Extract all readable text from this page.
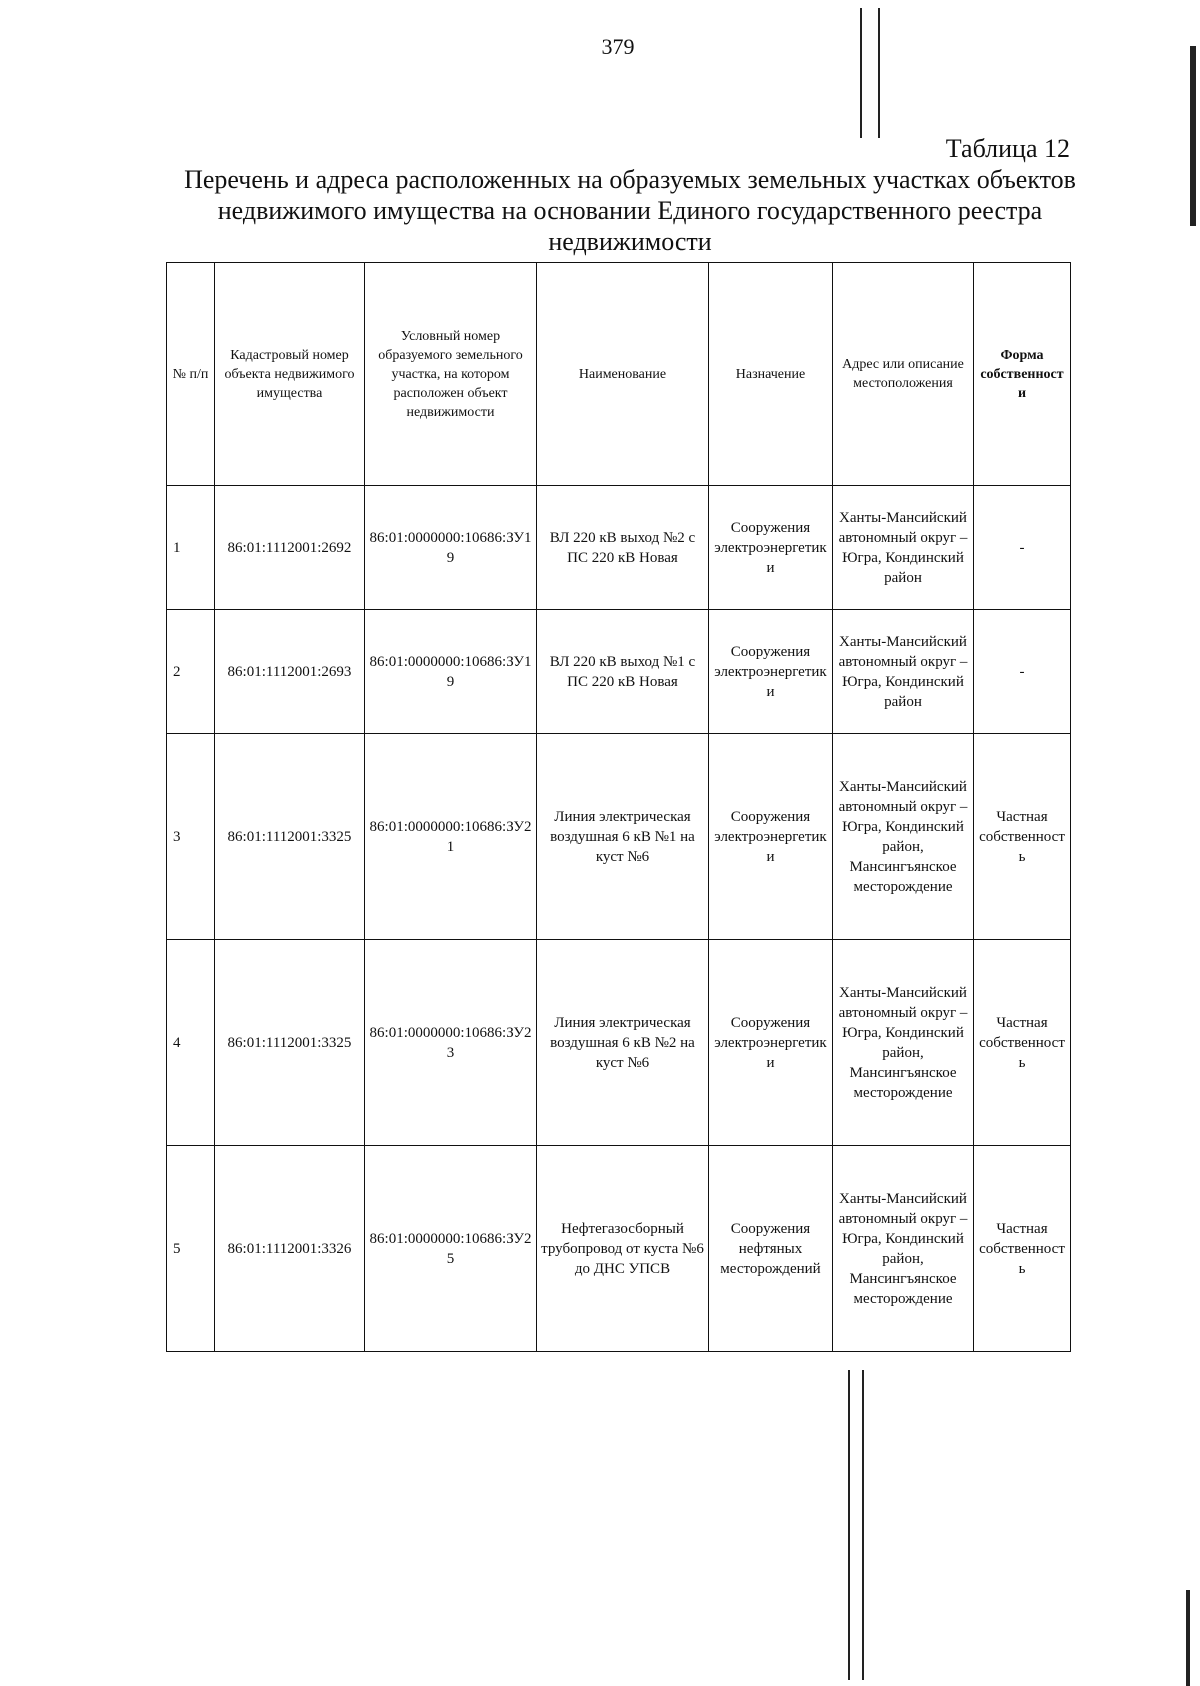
379
Таблица 12
Перечень и адреса расположенных на образуемых земельных участках объектов недвижимого имущества на основании Единого государственного реестра недвижимости
№ п/п	Кадастровый номер объекта недвижимого имущества	Условный номер образуемого земельного участка, на котором расположен объект недвижимости	Наименование	Назначение	Адрес или описание местоположения	Форма собственности
1	86:01:1112001:2692	86:01:0000000:10686:ЗУ19	ВЛ 220 кВ выход №2 с ПС 220 кВ Новая	Сооружения электроэнергетики	Ханты-Мансийский автономный округ – Югра, Кондинский район	-
2	86:01:1112001:2693	86:01:0000000:10686:ЗУ19	ВЛ 220 кВ выход №1 с ПС 220 кВ Новая	Сооружения электроэнергетики	Ханты-Мансийский автономный округ – Югра, Кондинский район	-
3	86:01:1112001:3325	86:01:0000000:10686:ЗУ21	Линия электрическая воздушная 6 кВ №1 на куст №6	Сооружения электроэнергетики	Ханты-Мансийский автономный округ – Югра, Кондинский район, Мансингъянское месторождение	Частная собственность
4	86:01:1112001:3325	86:01:0000000:10686:ЗУ23	Линия электрическая воздушная 6 кВ №2 на куст №6	Сооружения электроэнергетики	Ханты-Мансийский автономный округ – Югра, Кондинский район, Мансингъянское месторождение	Частная собственность
5	86:01:1112001:3326	86:01:0000000:10686:ЗУ25	Нефтегазосборный трубопровод от куста №6 до ДНС УПСВ	Сооружения нефтяных месторождений	Ханты-Мансийский автономный округ – Югра, Кондинский район, Мансингъянское месторождение	Частная собственность
